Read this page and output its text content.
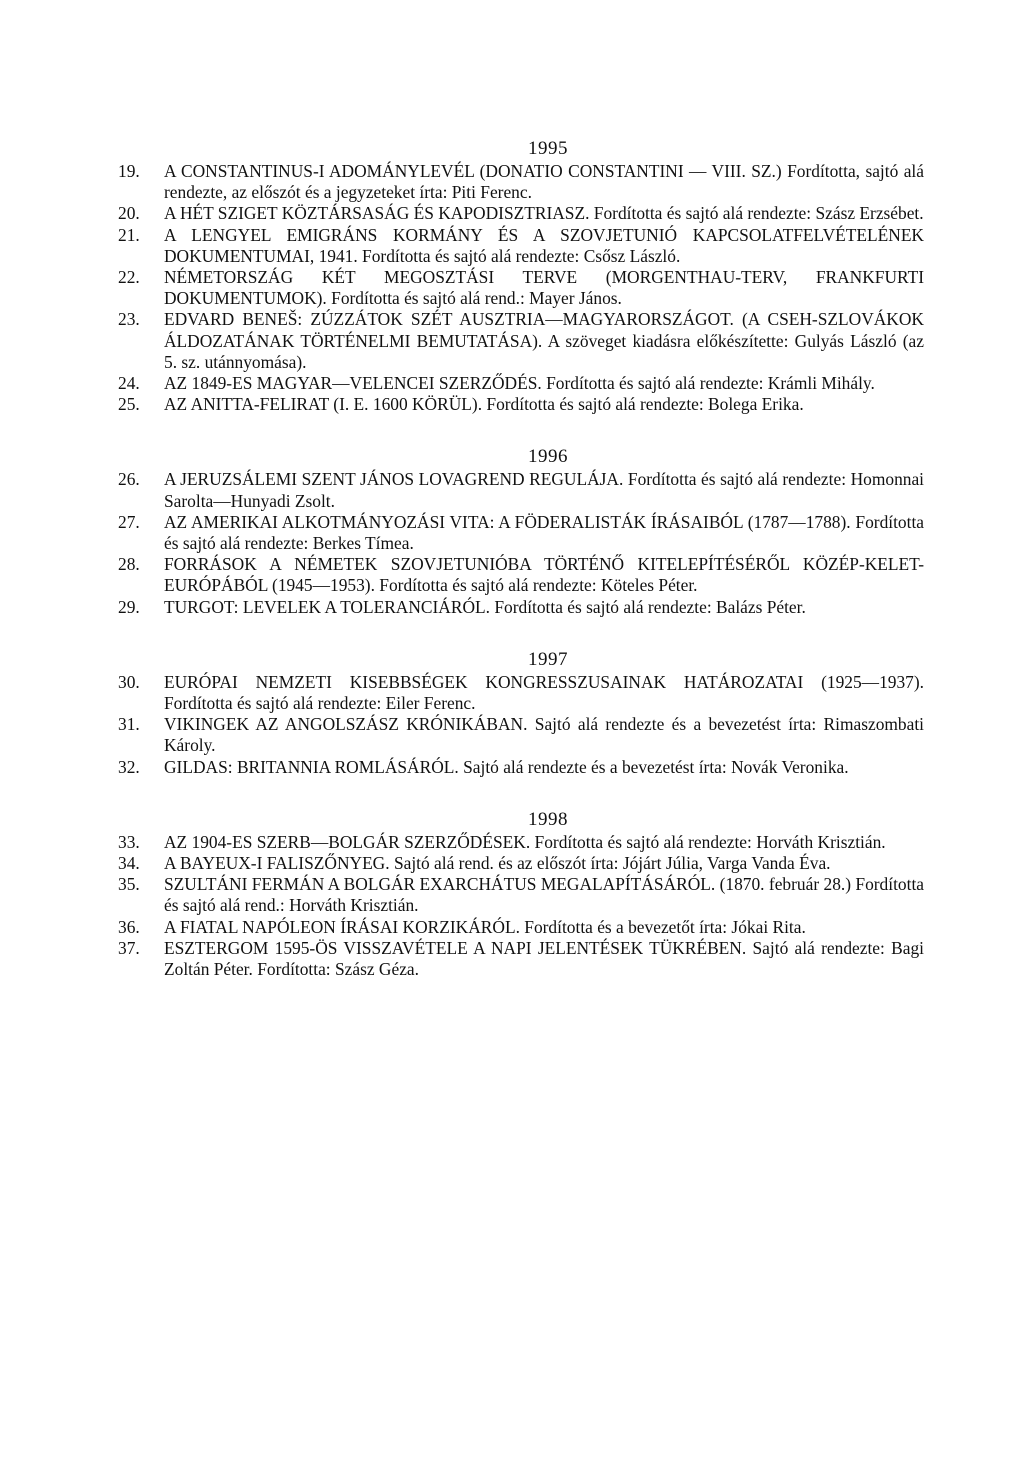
1995
19.	A CONSTANTINUS-I ADOMÁNYLEVÉL (DONATIO CONSTANTINI — VIII. SZ.) Fordította, sajtó alá rendezte, az előszót és a jegyzeteket írta: Piti Ferenc.
20.	A HÉT SZIGET KÖZTÁRSASÁG ÉS KAPODISZTRIASZ. Fordította és sajtó alá rendezte: Szász Erzsébet.
21.	A LENGYEL EMIGRÁNS KORMÁNY ÉS A SZOVJETUNIÓ KAPCSOLATFELVÉTELÉNEK DOKUMENTUMAI, 1941. Fordította és sajtó alá rendezte: Csősz László.
22.	NÉMETORSZÁG KÉT MEGOSZTÁSI TERVE (MORGENTHAU-TERV, FRANKFURTI DOKUMENTUMOK). Fordította és sajtó alá rend.: Mayer János.
23.	EDVARD BENEŠ: ZÚZZÁTOK SZÉT AUSZTRIA—MAGYARORSZÁGOT. (A CSEH-SZLOVÁKOK ÁLDOZATÁNAK TÖRTÉNELMI BEMUTATÁSA). A szöveget kiadásra előkészítette: Gulyás László (az 5. sz. utánnyomása).
24.	AZ 1849-ES MAGYAR—VELENCEI SZERZŐDÉS. Fordította és sajtó alá rendezte: Krámli Mihály.
25.	AZ ANITTA-FELIRAT (I. E. 1600 KÖRÜL). Fordította és sajtó alá rendezte: Bolega Erika.
1996
26.	A JERUZSÁLEMI SZENT JÁNOS LOVAGREND REGULÁJA. Fordította és sajtó alá rendezte: Homonnai Sarolta—Hunyadi Zsolt.
27.	AZ AMERIKAI ALKOTMÁNYOZÁSI VITA: A FÖDERALISTÁK ÍRÁSAIBÓL (1787—1788). Fordította és sajtó alá rendezte: Berkes Tímea.
28.	FORRÁSOK A NÉMETEK SZOVJETUNIÓBA TÖRTÉNŐ KITELEPÍTÉSÉRŐL KÖZÉP-KELET-EURÓPÁBÓL (1945—1953). Fordította és sajtó alá rendezte: Köteles Péter.
29.	TURGOT: LEVELEK A TOLERANCIÁRÓL. Fordította és sajtó alá rendezte: Balázs Péter.
1997
30.	EURÓPAI NEMZETI KISEBBSÉGEK KONGRESSZUSAINAK HATÁROZATAI (1925—1937). Fordította és sajtó alá rendezte: Eiler Ferenc.
31.	VIKINGEK AZ ANGOLSZÁSZ KRÓNIKÁBAN. Sajtó alá rendezte és a bevezetést írta: Rimaszombati Károly.
32.	GILDAS: BRITANNIA ROMLÁSÁRÓL. Sajtó alá rendezte és a bevezetést írta: Novák Veronika.
1998
33.	AZ 1904-ES SZERB—BOLGÁR SZERZŐDÉSEK. Fordította és sajtó alá rendezte: Horváth Krisztián.
34.	A BAYEUX-I FALISZŐNYEG. Sajtó alá rend. és az előszót írta: Jójárt Júlia, Varga Vanda Éva.
35.	SZULTÁNI FERMÁN A BOLGÁR EXARCHÁTUS MEGALAPÍTÁSÁRÓL. (1870. február 28.) Fordította és sajtó alá rend.: Horváth Krisztián.
36.	A FIATAL NAPÓLEON ÍRÁSAI KORZIKÁRÓL. Fordította és a bevezetőt írta: Jókai Rita.
37.	ESZTERGOM 1595-ÖS VISSZAVÉTELE A NAPI JELENTÉSEK TÜKRÉBEN. Sajtó alá rendezte: Bagi Zoltán Péter. Fordította: Szász Géza.
